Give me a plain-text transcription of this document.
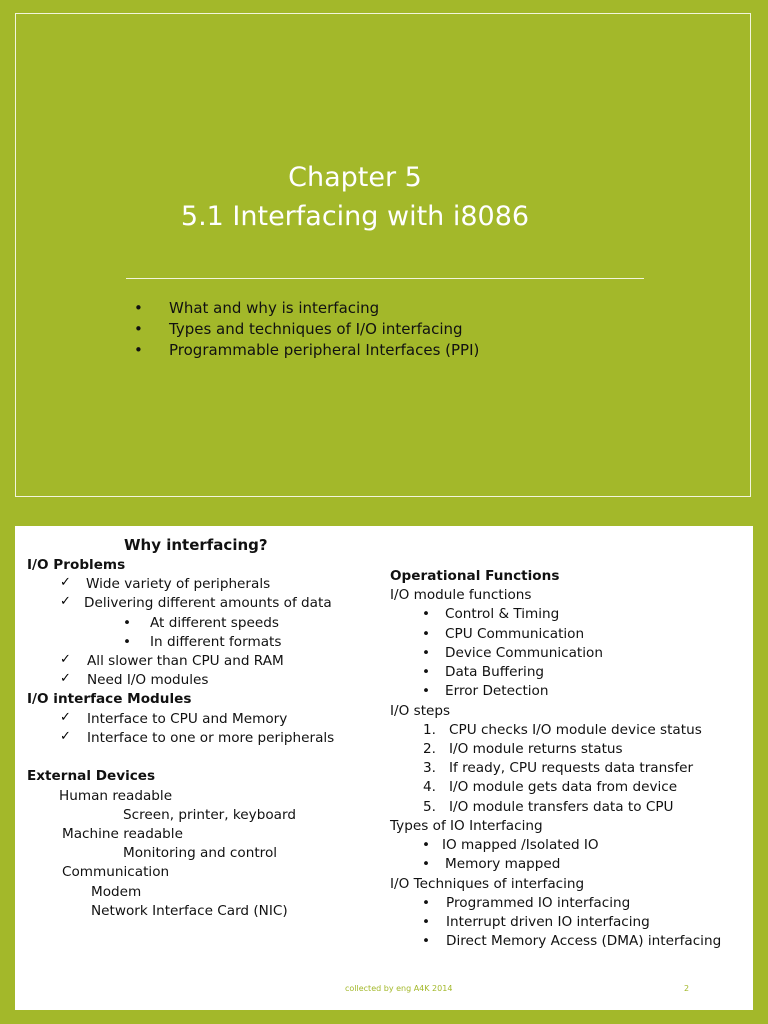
Chapter 5
5.1 Interfacing with i8086
• What and why is interfacing
• Types and techniques of I/O interfacing
• Programmable peripheral Interfaces (PPI)
Why interfacing?
I/O Problems
✓ Wide variety of peripherals
✓ Delivering different amounts of data
• At different speeds
• In different formats
✓ All slower than CPU and RAM
✓ Need I/O modules
I/O interface Modules
✓ Interface to CPU and Memory
✓ Interface to one or more peripherals
External Devices
Human readable
Screen, printer, keyboard
Machine readable
Monitoring and control
Communication
Modem
Network Interface Card (NIC)
Operational Functions
I/O module functions
• Control & Timing
• CPU Communication
• Device Communication
• Data Buffering
• Error Detection
I/O steps
1. CPU checks I/O module device status
2. I/O module returns status
3. If ready, CPU requests data transfer
4. I/O module gets data from device
5. I/O module transfers data to CPU
Types of IO Interfacing
• IO mapped /Isolated IO
• Memory mapped
I/O Techniques of interfacing
• Programmed IO interfacing
• Interrupt driven IO interfacing
• Direct Memory Access (DMA) interfacing
collected by eng A4K 2014	2
